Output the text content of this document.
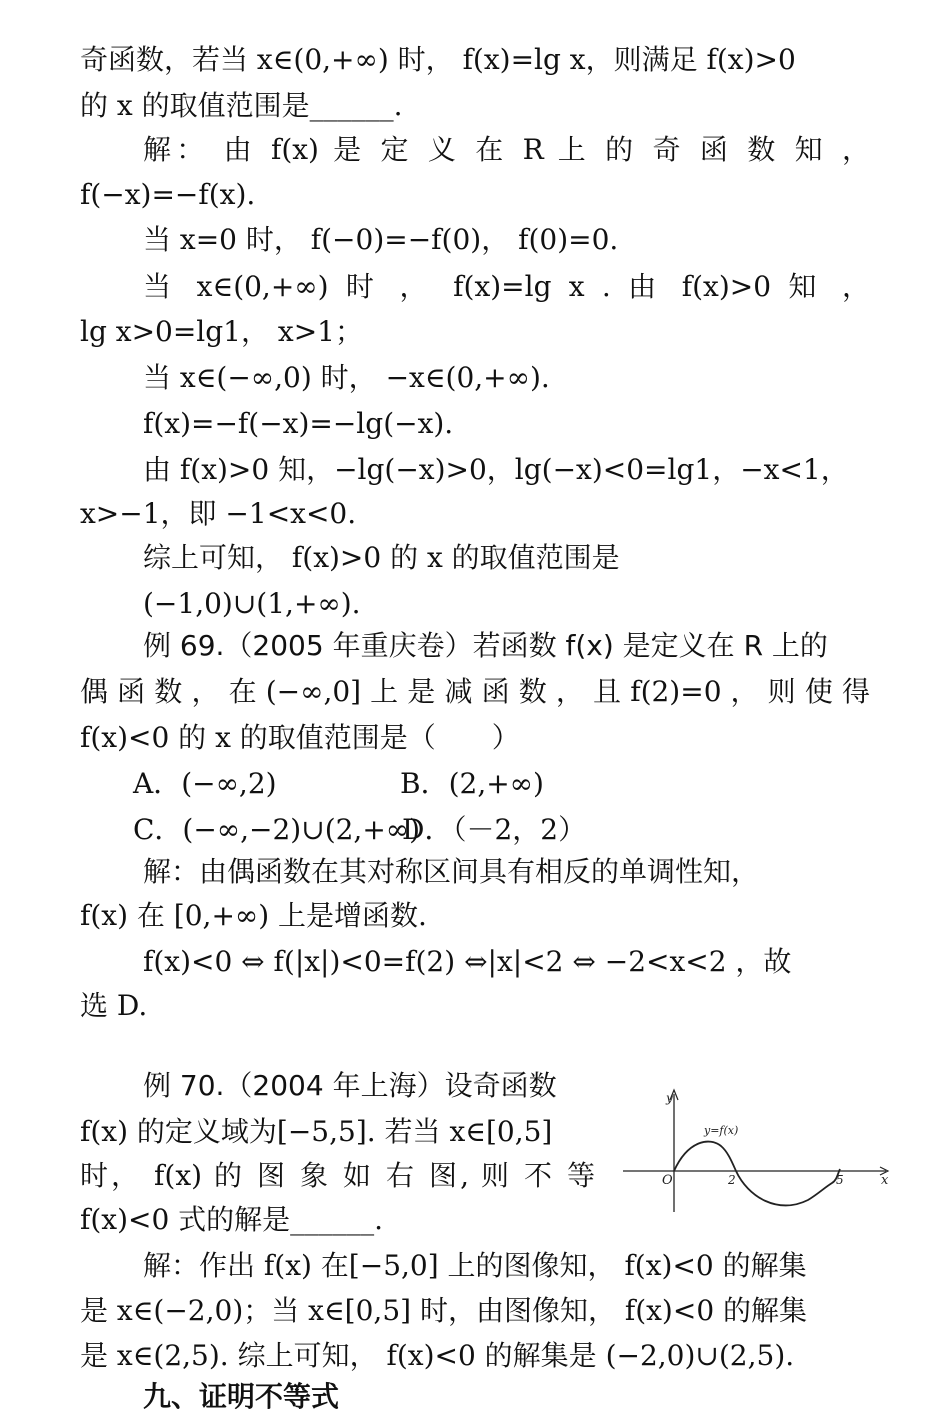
奇函数，若当 x∈(0,+∞) 时， f(x)=lg x，则满足 f(x)>0
的 x 的取值范围是______.
解： 由 f(x) 是 定 义 在 R 上 的 奇 函 数 知 ，
f(−x)=−f(x).
当 x=0 时， f(−0)=−f(0)， f(0)=0.
当 x∈(0,+∞) 时 ， f(x)=lg x . 由 f(x)>0 知 ，
lg x>0=lg1， x>1；
当 x∈(−∞,0) 时， −x∈(0,+∞).
f(x)=−f(−x)=−lg(−x).
由 f(x)>0 知，−lg(−x)>0，lg(−x)<0=lg1，−x<1，
x>−1，即 −1<x<0.
综上可知， f(x)>0 的 x 的取值范围是
(−1,0)∪(1,+∞).
例 69.（2005 年重庆卷）若函数 f(x) 是定义在 R 上的
偶 函 数 ， 在 (−∞,0] 上 是 减 函 数 ， 且 f(2)=0 ， 则 使 得
f(x)<0 的 x 的取值范围是（　　）
A．(−∞,2)	B．(2,+∞)
C．(−∞,−2)∪(2,+∞)
D．（－2，2）
解：由偶函数在其对称区间具有相反的单调性知，
f(x) 在 [0,+∞) 上是增函数.
f(x)<0 ⇔ f(|x|)<0=f(2) ⇔|x|<2 ⇔ −2<x<2 ，故
选 D.
例 70.（2004 年上海）设奇函数
f(x) 的定义域为[−5,5]. 若当 x∈[0,5]
时， f(x) 的 图 象 如 右 图, 则 不 等
f(x)<0 式的解是______.
y
x
O
y=f(x)
2	5
解：作出 f(x) 在[−5,0] 上的图像知， f(x)<0 的解集
是 x∈(−2,0)；当 x∈[0,5] 时，由图像知， f(x)<0 的解集
是 x∈(2,5). 综上可知， f(x)<0 的解集是 (−2,0)∪(2,5).
九、证明不等式
